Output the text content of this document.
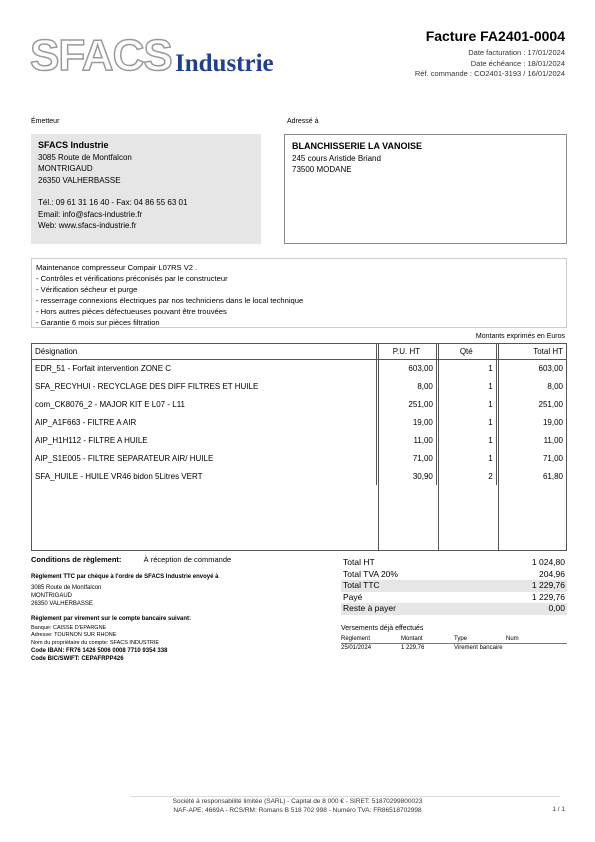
SFACS Industrie
Facture FA2401-0004
Date facturation : 17/01/2024
Date échéance : 18/01/2024
Réf. commande : CO2401-3193 / 16/01/2024
Émetteur
SFACS Industrie
3085 Route de Montfalcon
MONTRIGAUD
26350 VALHERBASSE
Tél.: 09 61 31 16 40 - Fax: 04 86 55 63 01
Email: info@sfacs-industrie.fr
Web: www.sfacs-industrie.fr
Adressé à
BLANCHISSERIE LA VANOISE
245 cours Aristide Briand
73500 MODANE
Maintenance compresseur Compair L07RS V2 .
- Contrôles et vérifications préconisés par le constructeur
- Vérification sécheur et purge
- resserrage connexions électriques par nos techniciens dans le local technique
- Hors autres pièces défectueuses pouvant être trouvées
- Garantie 6 mois sur pièces filtration
Montants exprimés en Euros
Désignation	P.U. HT	Qté	Total HT
EDR_51 - Forfait intervention ZONE C	603,00	1	603,00
SFA_RECYHUI - RECYCLAGE DES DIFF FILTRES ET HUILE	8,00	1	8,00
com_CK8076_2 - MAJOR KIT E L07 - L11	251,00	1	251,00
AIP_A1F663 - FILTRE A AIR	19,00	1	19,00
AIP_H1H112 - FILTRE A HUILE	11,00	1	11,00
AIP_S1E005 - FILTRE SEPARATEUR AIR/ HUILE	71,00	1	71,00
SFA_HUILE - HUILE VR46 bidon 5Litres VERT	30,90	2	61,80
Conditions de règlement:	À réception de commande
Règlement TTC par chèque à l'ordre de SFACS Industrie envoyé à
3085 Route de Montfalcon
MONTRIGAUD
26350 VALHERBASSE
Règlement par virement sur le compte bancaire suivant:
Banque: CAISSE D'EPARGNE
Adresse: TOURNON SUR RHONE
Nom du propriétaire du compte: SFACS INDUSTRIE
Code IBAN: FR76 1426 5006 0008 7710 9354 338
Code BIC/SWIFT: CEPAFRPP426
Total HT	1 024,80
Total TVA 20%	204,96
Total TTC	1 229,76
Payé	1 229,76
Reste à payer	0,00
Versements déjà effectués
Règlement	Montant	Type	Num
25/01/2024	1 229,76	Virement bancaire
Société à responsabilité limitée (SARL) - Capital de 8 000 € - SIRET: 51870299800023
NAF-APE: 4669A - RCS/RM: Romans B 518 702 998 - Numéro TVA: FR86518702998	1 / 1
